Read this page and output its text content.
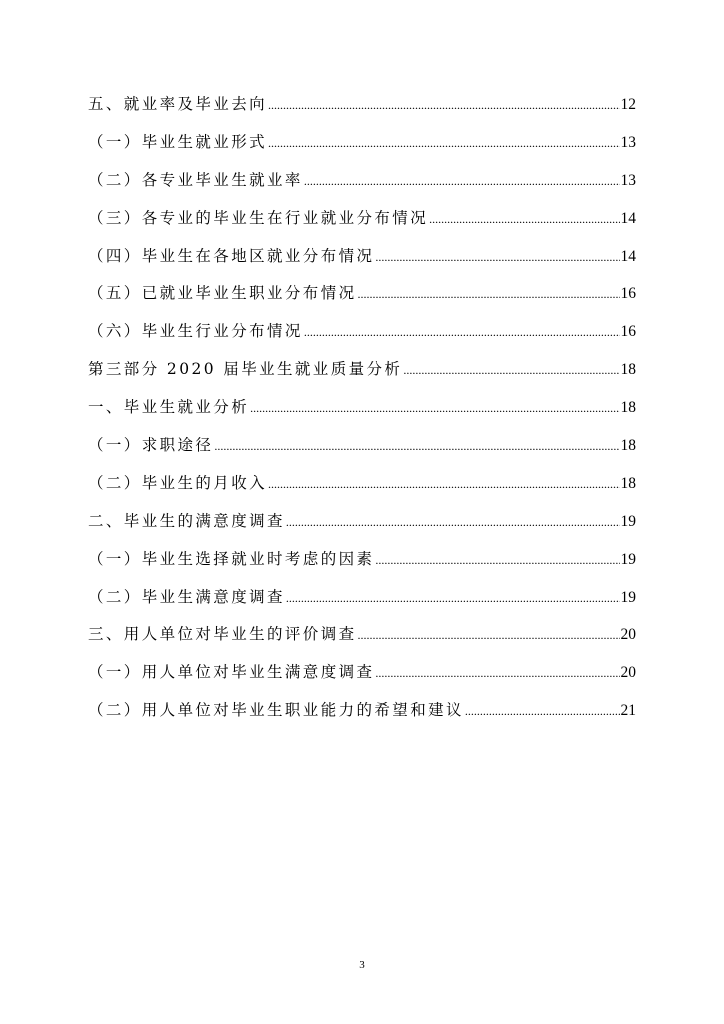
五、就业率及毕业去向 .....	12
（一）毕业生就业形式 .....	13
（二）各专业毕业生就业率 .....	13
（三）各专业的毕业生在行业就业分布情况 .....	14
（四）毕业生在各地区就业分布情况 .....	14
（五）已就业毕业生职业分布情况 .....	16
（六）毕业生行业分布情况 .....	16
第三部分 2020 届毕业生就业质量分析 .....	18
一、毕业生就业分析 .....	18
（一）求职途径 .....	18
（二）毕业生的月收入 .....	18
二、毕业生的满意度调查 .....	19
（一）毕业生选择就业时考虑的因素 .....	19
（二）毕业生满意度调查 .....	19
三、用人单位对毕业生的评价调查 .....	20
（一）用人单位对毕业生满意度调查 .....	20
（二）用人单位对毕业生职业能力的希望和建议 .....	21
3
